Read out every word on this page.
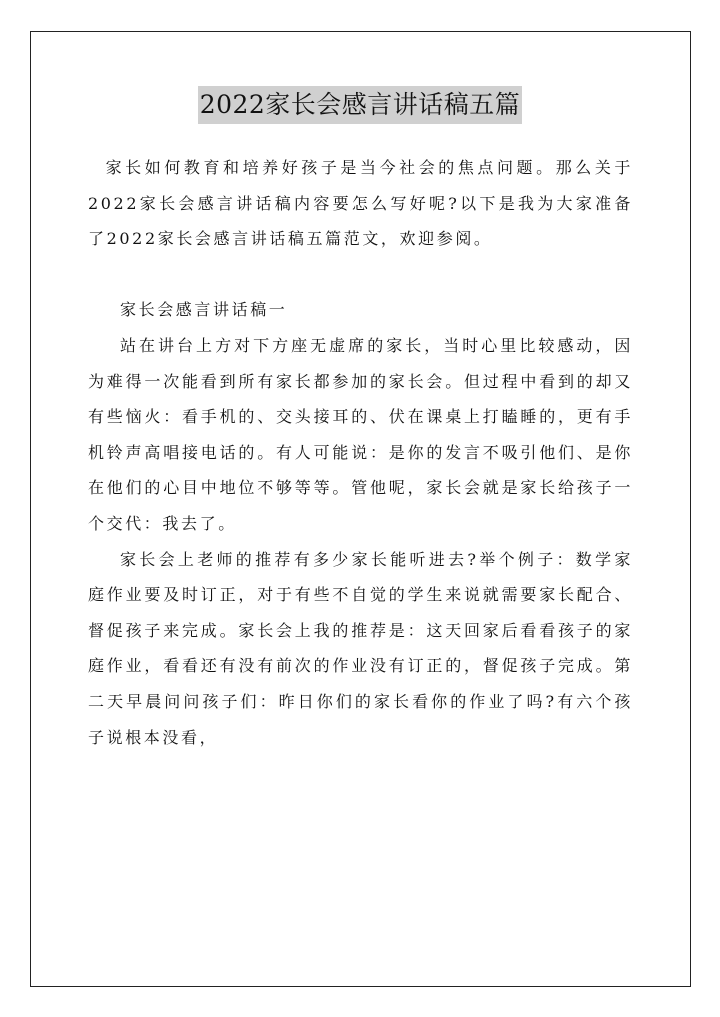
2022家长会感言讲话稿五篇

家长如何教育和培养好孩子是当今社会的焦点问题。那么关于2022家长会感言讲话稿内容要怎么写好呢?以下是我为大家准备了2022家长会感言讲话稿五篇范文，欢迎参阅。

家长会感言讲话稿一

站在讲台上方对下方座无虚席的家长，当时心里比较感动，因为难得一次能看到所有家长都参加的家长会。但过程中看到的却又有些恼火：看手机的、交头接耳的、伏在课桌上打瞌睡的，更有手机铃声高唱接电话的。有人可能说：是你的发言不吸引他们、是你在他们的心目中地位不够等等。管他呢，家长会就是家长给孩子一个交代：我去了。

家长会上老师的推荐有多少家长能听进去?举个例子：数学家庭作业要及时订正，对于有些不自觉的学生来说就需要家长配合、督促孩子来完成。家长会上我的推荐是：这天回家后看看孩子的家庭作业，看看还有没有前次的作业没有订正的，督促孩子完成。第二天早晨问问孩子们：昨日你们的家长看你的作业了吗?有六个孩子说根本没看，
